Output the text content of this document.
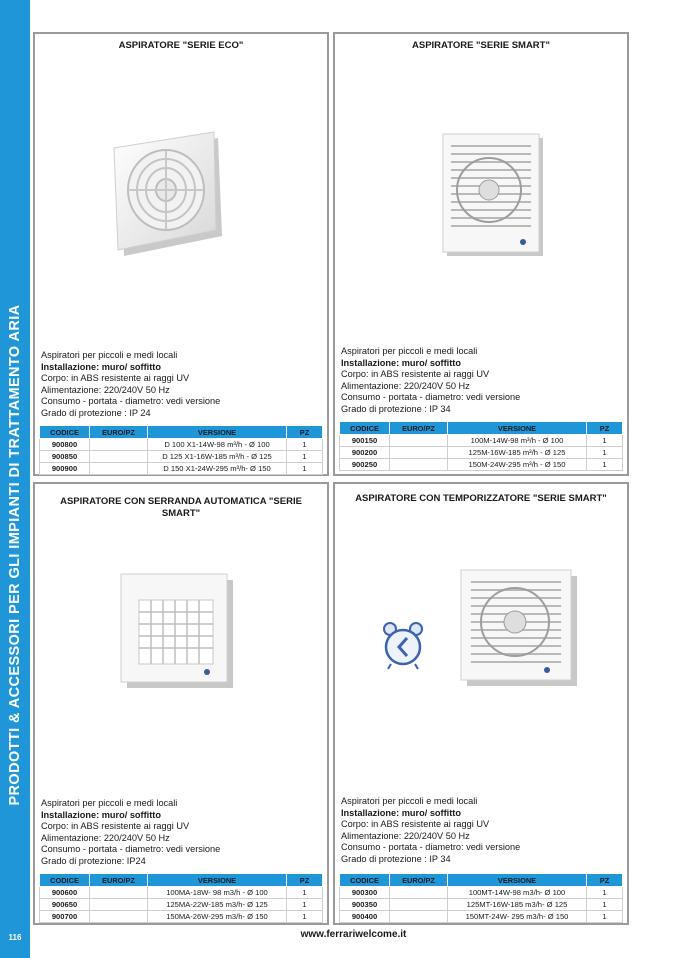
PRODOTTI & ACCESSORI PER GLI IMPIANTI DI TRATTAMENTO ARIA
116
ASPIRATORE "SERIE ECO"
Aspiratori per piccoli e medi locali
Installazione: muro/ soffitto
Corpo: in ABS resistente ai raggi UV
Alimentazione: 220/240V 50 Hz
Consumo - portata - diametro: vedi versione
Grado di protezione : IP 24
CODICE	EURO/PZ	VERSIONE	PZ
900800		D 100 X1-14W-98 m³/h - Ø 100	1
900850		D 125 X1-16W-185 m³/h - Ø 125	1
900900		D 150 X1-24W-295 m³/h- Ø 150	1
ASPIRATORE "SERIE SMART"
Aspiratori per piccoli e medi locali
Installazione: muro/ soffitto
Corpo: in ABS resistente ai raggi UV
Alimentazione: 220/240V 50 Hz
Consumo - portata - diametro: vedi versione
Grado di protezione : IP 34
CODICE	EURO/PZ	VERSIONE	PZ
900150		100M-14W-98 m³/h - Ø 100	1
900200		125M-16W-185 m³/h - Ø 125	1
900250		150M-24W-295 m³/h - Ø 150	1
ASPIRATORE CON SERRANDA AUTOMATICA "SERIE SMART"
Aspiratori per piccoli e medi locali
Installazione: muro/ soffitto
Corpo: in ABS resistente ai raggi UV
Alimentazione: 220/240V 50 Hz
Consumo - portata - diametro: vedi versione
Grado di protezione: IP24
CODICE	EURO/PZ	VERSIONE	PZ
900600		100MA-18W- 98 m3/h - Ø 100	1
900650		125MA-22W-185 m3/h- Ø 125	1
900700		150MA-26W-295 m3/h- Ø 150	1
ASPIRATORE CON TEMPORIZZATORE "SERIE SMART"
Aspiratori per piccoli e medi locali
Installazione: muro/ soffitto
Corpo: in ABS resistente ai raggi UV
Alimentazione: 220/240V 50 Hz
Consumo - portata - diametro: vedi versione
Grado di protezione : IP 34
CODICE	EURO/PZ	VERSIONE	PZ
900300		100MT-14W-98 m3/h- Ø 100	1
900350		125MT-16W-185 m3/h- Ø 125	1
900400		150MT-24W- 295 m3/h- Ø 150	1
www.ferrariwelcome.it
